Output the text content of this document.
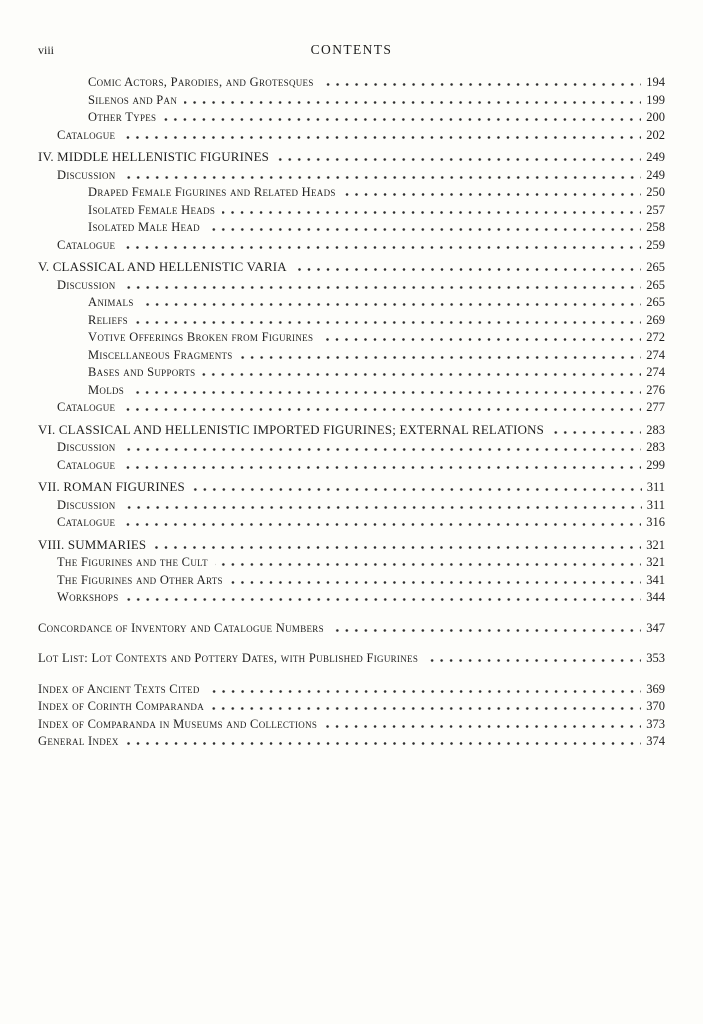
viii	CONTENTS
Comic Actors, Parodies, and Grotesques	194
Silenos and Pan	199
Other Types	200
Catalogue	202
IV. MIDDLE HELLENISTIC FIGURINES	249
Discussion	249
Draped Female Figurines and Related Heads	250
Isolated Female Heads	257
Isolated Male Head	258
Catalogue	259
V. CLASSICAL AND HELLENISTIC VARIA	265
Discussion	265
Animals	265
Reliefs	269
Votive Offerings Broken from Figurines	272
Miscellaneous Fragments	274
Bases and Supports	274
Molds	276
Catalogue	277
VI. CLASSICAL AND HELLENISTIC IMPORTED FIGURINES; EXTERNAL RELATIONS	283
Discussion	283
Catalogue	299
VII. ROMAN FIGURINES	311
Discussion	311
Catalogue	316
VIII. SUMMARIES	321
The Figurines and the Cult	321
The Figurines and Other Arts	341
Workshops	344
Concordance of Inventory and Catalogue Numbers	347
Lot List: Lot Contexts and Pottery Dates, with Published Figurines	353
Index of Ancient Texts Cited	369
Index of Corinth Comparanda	370
Index of Comparanda in Museums and Collections	373
General Index	374
